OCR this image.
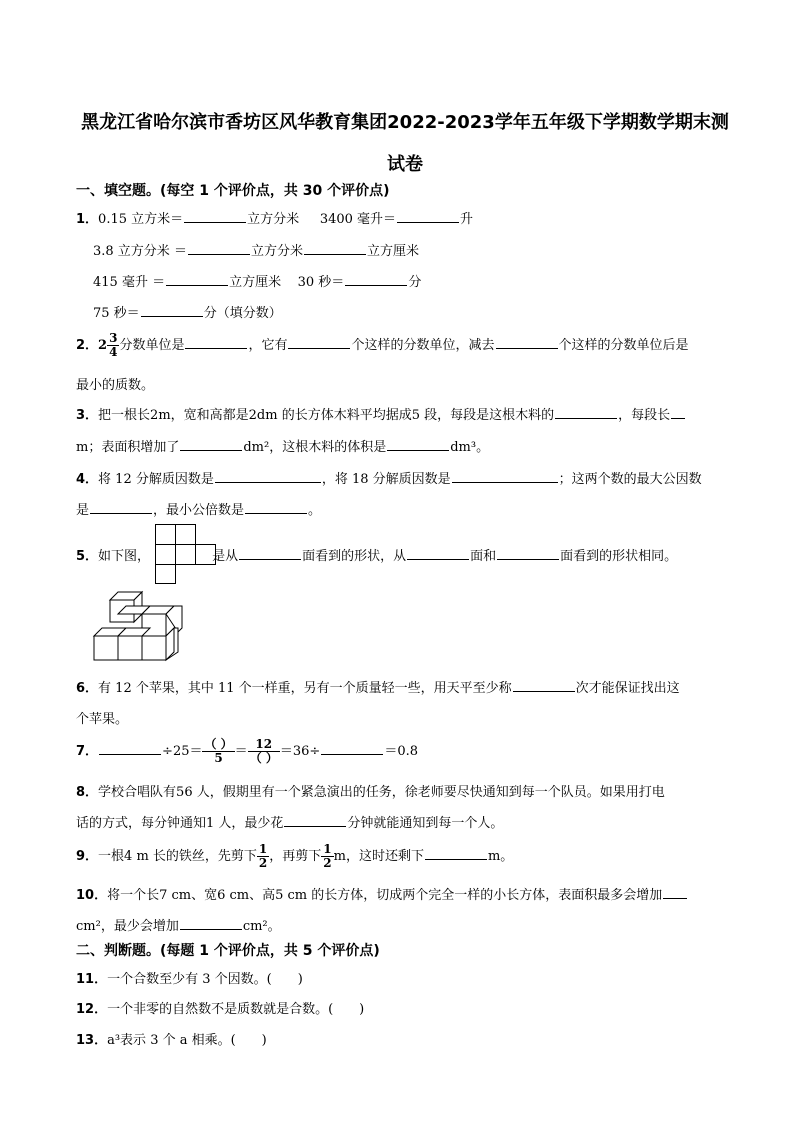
黑龙江省哈尔滨市香坊区风华教育集团2022-2023学年五年级下学期数学期末测
试卷
一、填空题。(每空 1 个评价点，共 30 个评价点)
1．0.15 立方米＝	立方分米 3400 毫升＝	升
3.8 立方分米 ＝	立方分米	立方厘米
415 毫升 ＝	立方厘米 30 秒＝	分
75 秒＝	分（填分数）
2．$2 \frac{3}{4}$ 分数单位是	，它有	个这样的分数单位，减去	个这样的分数单位后是
最小的质数。
3．把一根长2m，宽和高都是2dm 的长方体木料平均据成5 段，每段是这根木料的	，每段长
m；表面积增加了	dm²，这根木料的体积是	dm³。
4．将 12 分解质因数是	，将 18 分解质因数是	；这两个数的最大公因数
是	，最小公倍数是	。
5．如下图，	是从	面看到的形状，从	面和	面看到的形状相同。
6．有 12 个苹果，其中 11 个一样重，另有一个质量轻一些，用天平至少称	次才能保证找出这
个苹果。
7．	$\div 25= \frac{( )}{5} = \frac{12}{( )} =36\div$	＝0.8
8．学校合唱队有56 人，假期里有一个紧急演出的任务，徐老师要尽快通知到每一个队员。如果用打电
话的方式，每分钟通知1 人，最少花	分钟就能通知到每一个人。
9．一根4 m 长的铁丝，先剪下 $\frac{1}{2}$ ，再剪下 $\frac{1}{2}$ m，这时还剩下	m。
10．将一个长7 cm、宽6 cm、高5 cm 的长方体，切成两个完全一样的小长方体，表面积最多会增加
cm²，最少会增加	cm²。
二、判断题。(每题 1 个评价点，共 5 个评价点)
11．一个合数至少有 3 个因数。(　　)
12．一个非零的自然数不是质数就是合数。(　　)
13．a³表示 3 个 a 相乘。(　　)
